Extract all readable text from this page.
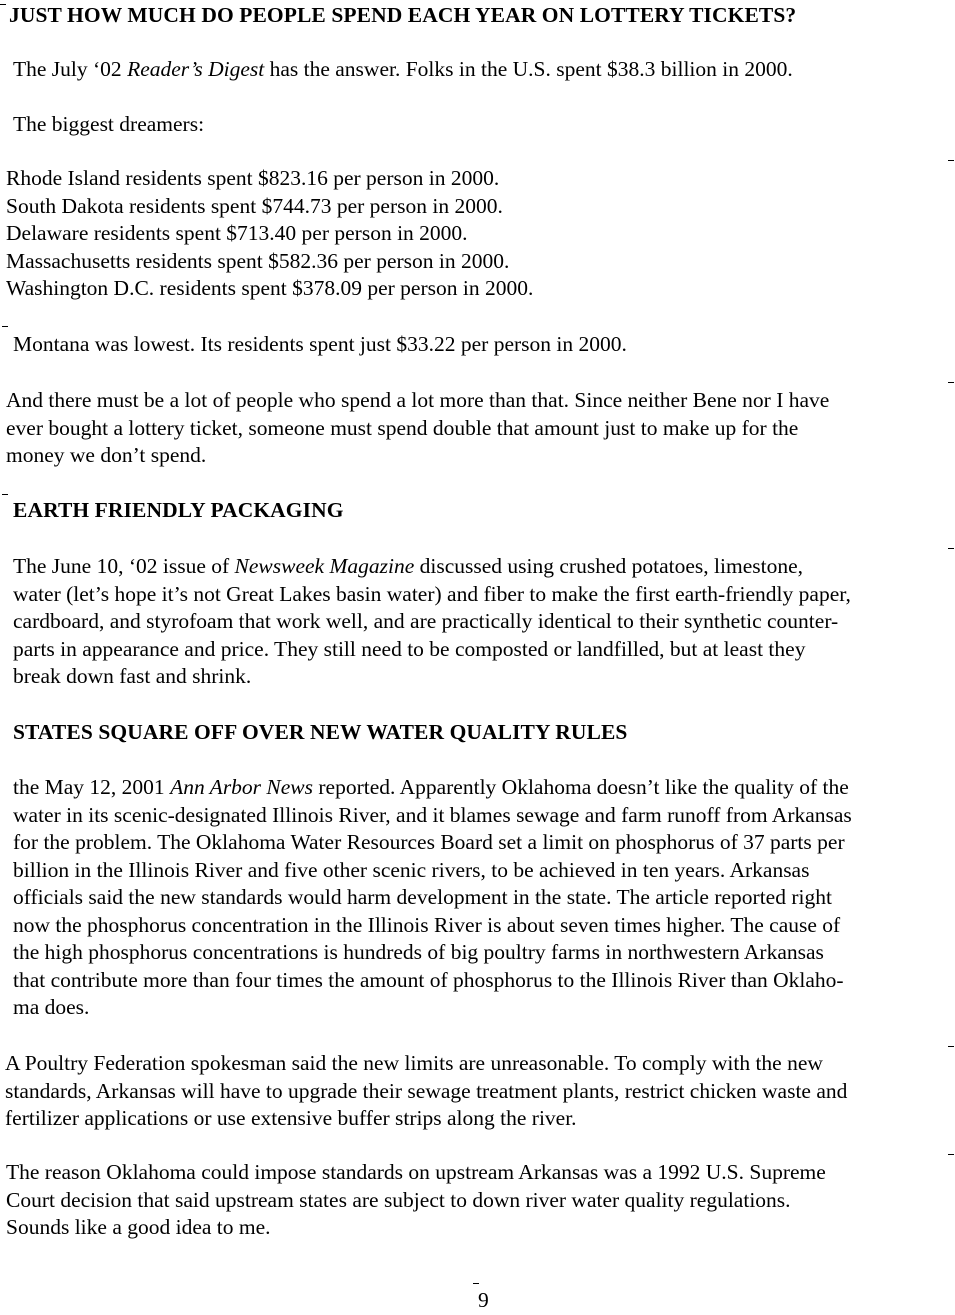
JUST HOW MUCH DO PEOPLE SPEND EACH YEAR ON LOTTERY TICKETS?

The July ‘02 Reader’s Digest has the answer. Folks in the U.S. spent $38.3 billion in 2000.

The biggest dreamers:

Rhode Island residents spent $823.16 per person in 2000.
South Dakota residents spent $744.73 per person in 2000.
Delaware residents spent $713.40 per person in 2000.
Massachusetts residents spent $582.36 per person in 2000.
Washington D.C. residents spent $378.09 per person in 2000.

Montana was lowest. Its residents spent just $33.22 per person in 2000.

And there must be a lot of people who spend a lot more than that. Since neither Bene nor I have
ever bought a lottery ticket, someone must spend double that amount just to make up for the
money we don’t spend.
EARTH FRIENDLY PACKAGING
The June 10, ‘02 issue of Newsweek Magazine discussed using crushed potatoes, limestone,
water (let’s hope it’s not Great Lakes basin water) and fiber to make the first earth-friendly paper,
cardboard, and styrofoam that work well, and are practically identical to their synthetic counter-
parts in appearance and price. They still need to be composted or landfilled, but at least they
break down fast and shrink.
STATES SQUARE OFF OVER NEW WATER QUALITY RULES
the May 12, 2001 Ann Arbor News reported. Apparently Oklahoma doesn’t like the quality of the
water in its scenic-designated Illinois River, and it blames sewage and farm runoff from Arkansas
for the problem. The Oklahoma Water Resources Board set a limit on phosphorus of 37 parts per
billion in the Illinois River and five other scenic rivers, to be achieved in ten years. Arkansas
officials said the new standards would harm development in the state. The article reported right
now the phosphorus concentration in the Illinois River is about seven times higher. The cause of
the high phosphorus concentrations is hundreds of big poultry farms in northwestern Arkansas
that contribute more than four times the amount of phosphorus to the Illinois River than Oklaho-
ma does.
A Poultry Federation spokesman said the new limits are unreasonable. To comply with the new
standards, Arkansas will have to upgrade their sewage treatment plants, restrict chicken waste and
fertilizer applications or use extensive buffer strips along the river.
The reason Oklahoma could impose standards on upstream Arkansas was a 1992 U.S. Supreme
Court decision that said upstream states are subject to down river water quality regulations.
Sounds like a good idea to me.
9
